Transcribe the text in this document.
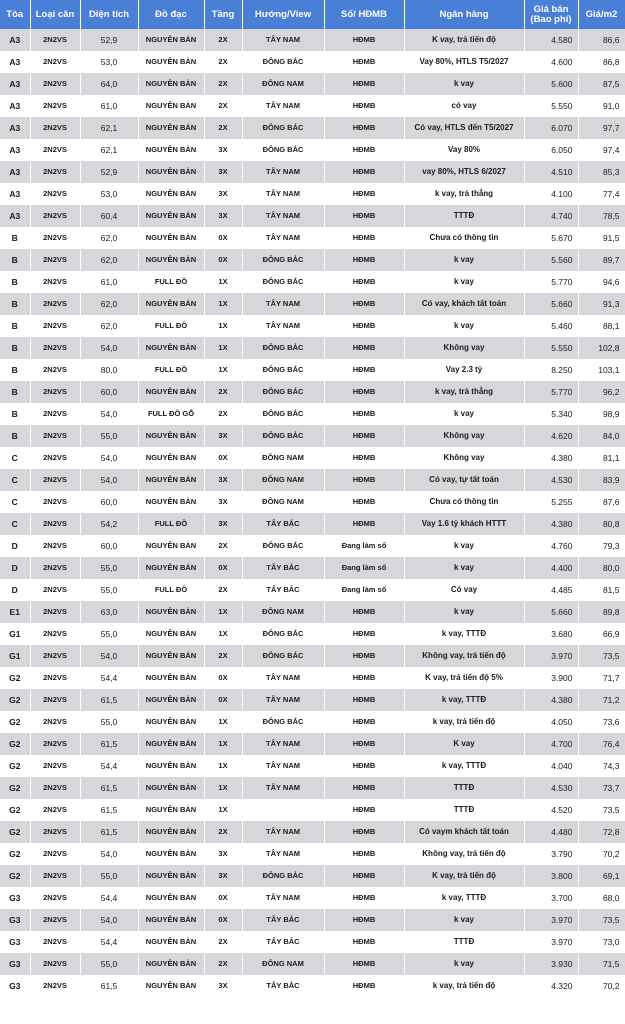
Tòa	Loại căn	Diện tích	Đồ đạc	Tầng	Hướng/View	Sổ/ HĐMB	Ngân hàng	Giá bán (Bao phí)	Giá/m2
A3	2N2VS	52,9	NGUYÊN BẢN	2X	TÂY NAM	HĐMB	K vay, trả tiến độ	4.580	86,6
A3	2N2VS	53,0	NGUYÊN BẢN	2X	ĐÔNG BẮC	HĐMB	Vay 80%, HTLS T5/2027	4.600	86,8
A3	2N2VS	64,0	NGUYÊN BẢN	2X	ĐÔNG NAM	HĐMB	k vay	5.600	87,5
A3	2N2VS	61,0	NGUYÊN BẢN	2X	TÂY NAM	HĐMB	có vay	5.550	91,0
A3	2N2VS	62,1	NGUYÊN BẢN	2X	ĐÔNG BẮC	HĐMB	Có vay, HTLS đến T5/2027	6.070	97,7
A3	2N2VS	62,1	NGUYÊN BẢN	3X	ĐÔNG BẮC	HĐMB	Vay 80%	6.050	97,4
A3	2N2VS	52,9	NGUYÊN BẢN	3X	TÂY NAM	HĐMB	vay 80%, HTLS 6/2027	4.510	85,3
A3	2N2VS	53,0	NGUYÊN BẢN	3X	TÂY NAM	HĐMB	k vay, trả thẳng	4.100	77,4
A3	2N2VS	60,4	NGUYÊN BẢN	3X	TÂY NAM	HĐMB	TTTĐ	4.740	78,5
B	2N2VS	62,0	NGUYÊN BẢN	0X	TÂY NAM	HĐMB	Chưa có thông tin	5.670	91,5
B	2N2VS	62,0	NGUYÊN BẢN	0X	ĐÔNG BẮC	HĐMB	k vay	5.560	89,7
B	2N2VS	61,0	FULL ĐỒ	1X	ĐÔNG BẮC	HĐMB	k vay	5.770	94,6
B	2N2VS	62,0	NGUYÊN BẢN	1X	TÂY NAM	HĐMB	Có vay, khách tất toán	5.660	91,3
B	2N2VS	62,0	FULL ĐỒ	1X	TÂY NAM	HĐMB	k vay	5.460	88,1
B	2N2VS	54,0	NGUYÊN BẢN	1X	ĐÔNG BẮC	HĐMB	Không vay	5.550	102,8
B	2N2VS	80,0	FULL ĐỒ	1X	ĐÔNG BẮC	HĐMB	Vay 2.3 tỷ	8.250	103,1
B	2N2VS	60,0	NGUYÊN BẢN	2X	ĐÔNG BẮC	HĐMB	k vay, trả thẳng	5.770	96,2
B	2N2VS	54,0	FULL ĐỒ GỖ	2X	ĐÔNG BẮC	HĐMB	k vay	5.340	98,9
B	2N2VS	55,0	NGUYÊN BẢN	3X	ĐÔNG BẮC	HĐMB	Không vay	4.620	84,0
C	2N2VS	54,0	NGUYÊN BẢN	0X	ĐÔNG NAM	HĐMB	Không vay	4.380	81,1
C	2N2VS	54,0	NGUYÊN BẢN	3X	ĐÔNG NAM	HĐMB	Có vay, tự tất toán	4.530	83,9
C	2N2VS	60,0	NGUYÊN BẢN	3X	ĐÔNG NAM	HĐMB	Chưa có thông tin	5.255	87,6
C	2N2VS	54,2	FULL ĐỒ	3X	TÂY BẮC	HĐMB	Vay 1.6 tỷ khách HTTT	4.380	80,8
D	2N2VS	60,0	NGUYÊN BẢN	2X	ĐÔNG BẮC	Đang làm sổ	k vay	4.760	79,3
D	2N2VS	55,0	NGUYÊN BẢN	0X	TÂY BẮC	Đang làm sổ	k vay	4.400	80,0
D	2N2VS	55,0	FULL ĐỒ	2X	TÂY BẮC	Đang làm sổ	Có vay	4.485	81,5
E1	2N2VS	63,0	NGUYÊN BẢN	1X	ĐÔNG NAM	HĐMB	k vay	5.660	89,8
G1	2N2VS	55,0	NGUYÊN BẢN	1X	ĐÔNG BẮC	HĐMB	k vay, TTTĐ	3.680	66,9
G1	2N2VS	54,0	NGUYÊN BẢN	2X	ĐÔNG BẮC	HĐMB	Không vay, trả tiến độ	3.970	73,5
G2	2N2VS	54,4	NGUYÊN BẢN	0X	TÂY NAM	HĐMB	K vay, trả tiến độ 5%	3.900	71,7
G2	2N2VS	61,5	NGUYÊN BẢN	0X	TÂY NAM	HĐMB	k vay, TTTĐ	4.380	71,2
G2	2N2VS	55,0	NGUYÊN BẢN	1X	ĐÔNG BẮC	HĐMB	k vay, trả tiến độ	4.050	73,6
G2	2N2VS	61,5	NGUYÊN BẢN	1X	TÂY NAM	HĐMB	K vay	4.700	76,4
G2	2N2VS	54,4	NGUYÊN BẢN	1X	TÂY NAM	HĐMB	k vay, TTTĐ	4.040	74,3
G2	2N2VS	61,5	NGUYÊN BẢN	1X	TÂY NAM	HĐMB	TTTĐ	4.530	73,7
G2	2N2VS	61,5	NGUYÊN BẢN	1X		HĐMB	TTTĐ	4.520	73,5
G2	2N2VS	61,5	NGUYÊN BẢN	2X	TÂY NAM	HĐMB	Có vaym khách tất toán	4.480	72,8
G2	2N2VS	54,0	NGUYÊN BẢN	3X	TÂY NAM	HĐMB	Không vay, trả tiến độ	3.790	70,2
G2	2N2VS	55,0	NGUYÊN BẢN	3X	ĐÔNG BẮC	HĐMB	K vay, trả tiến độ	3.800	69,1
G3	2N2VS	54,4	NGUYÊN BẢN	0X	TÂY NAM	HĐMB	k vay, TTTĐ	3.700	68,0
G3	2N2VS	54,0	NGUYÊN BẢN	0X	TÂY BẮC	HĐMB	k vay	3.970	73,5
G3	2N2VS	54,4	NGUYÊN BẢN	2X	TÂY BẮC	HĐMB	TTTĐ	3.970	73,0
G3	2N2VS	55,0	NGUYÊN BẢN	2X	ĐÔNG NAM	HĐMB	k vay	3.930	71,5
G3	2N2VS	61,5	NGUYÊN BẢN	3X	TÂY BẮC	HĐMB	k vay, trả tiến độ	4.320	70,2
